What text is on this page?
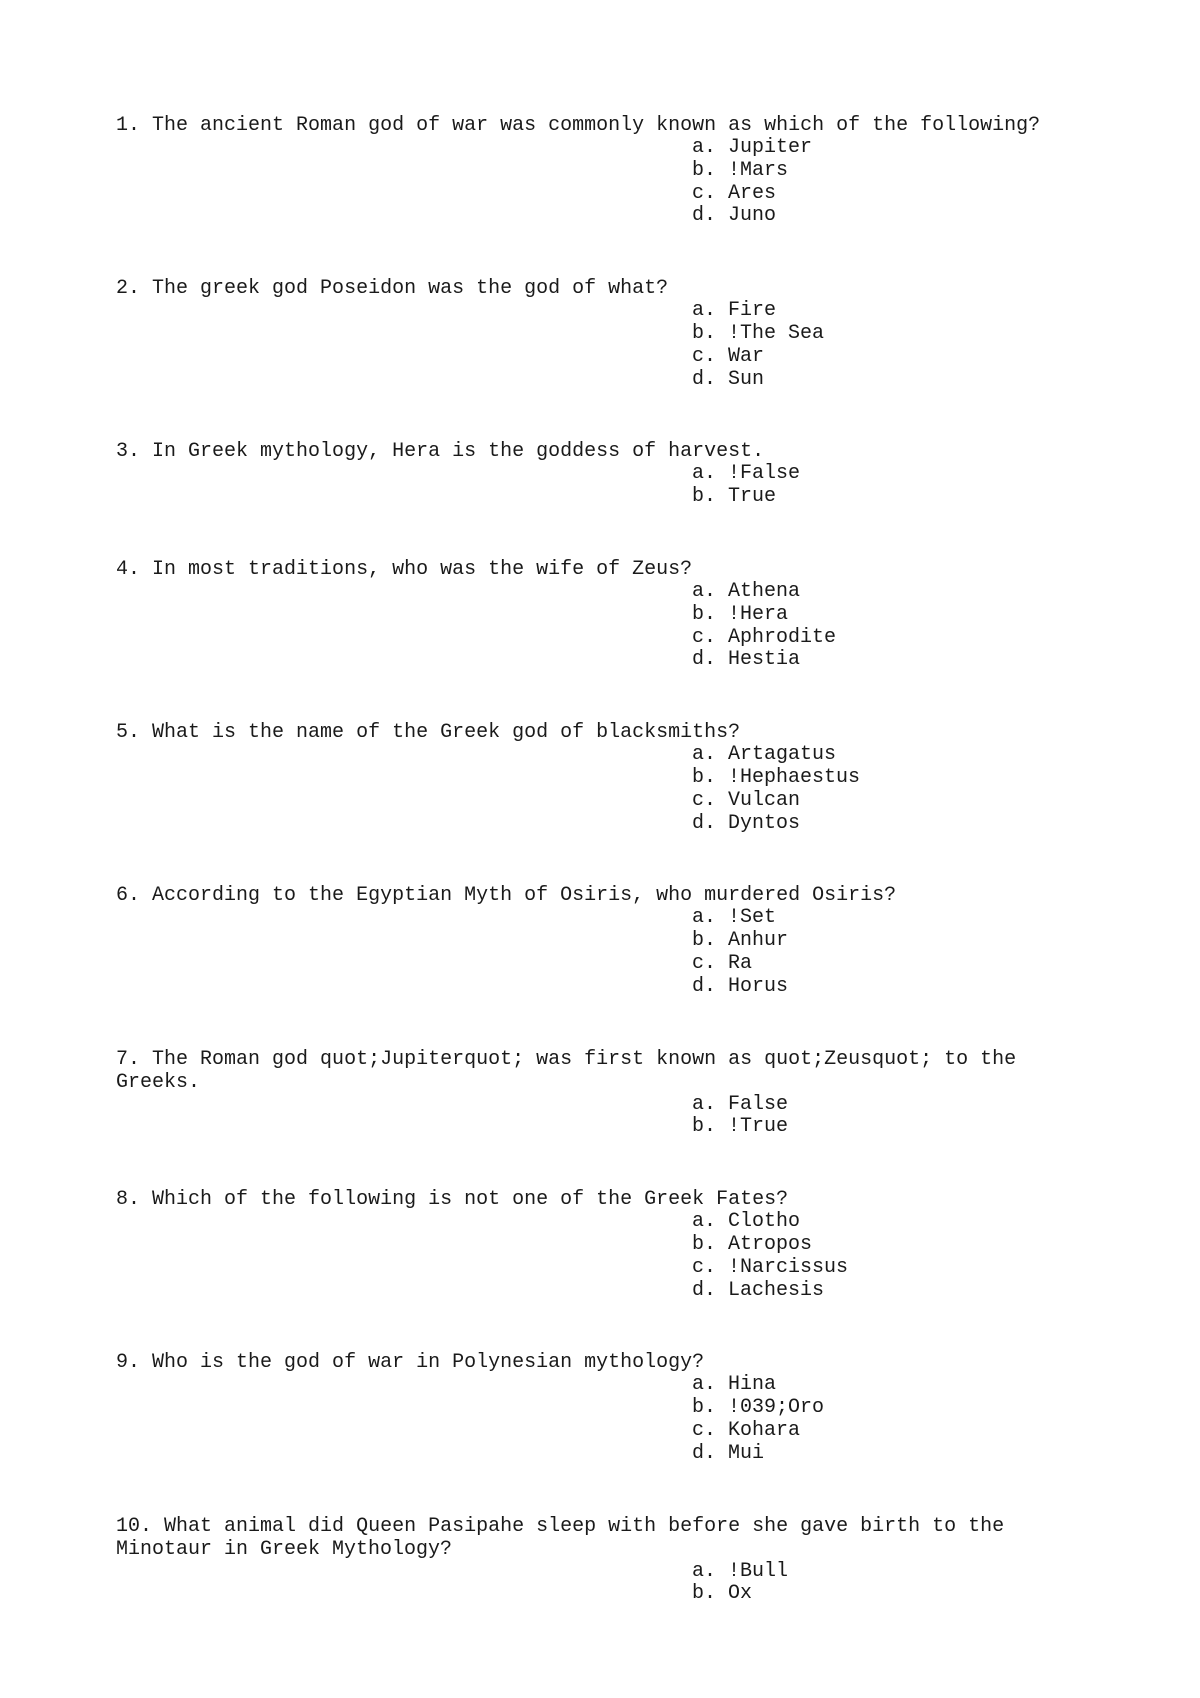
1. The ancient Roman god of war was commonly known as which of the following?

a. Jupiter
b. !Mars
c. Ares
d. Juno

2. The greek god Poseidon was the god of what?

a. Fire
b. !The Sea
c. War
d. Sun

3. In Greek mythology, Hera is the goddess of harvest.

a. !False
b. True

4. In most traditions, who was the wife of Zeus?

a. Athena
b. !Hera
c. Aphrodite
d. Hestia

5. What is the name of the Greek god of blacksmiths?

a. Artagatus
b. !Hephaestus
c. Vulcan
d. Dyntos

6. According to the Egyptian Myth of Osiris, who murdered Osiris?

a. !Set
b. Anhur
c. Ra
d. Horus

7. The Roman god quot;Jupiterquot; was first known as quot;Zeusquot; to the
Greeks.

a. False
b. !True

8. Which of the following is not one of the Greek Fates?

a. Clotho
b. Atropos
c. !Narcissus
d. Lachesis

9. Who is the god of war in Polynesian mythology?

a. Hina
b. !039;Oro
c. Kohara
d. Mui

10. What animal did Queen Pasipahe sleep with before she gave birth to the
Minotaur in Greek Mythology?

a. !Bull
b. Ox
